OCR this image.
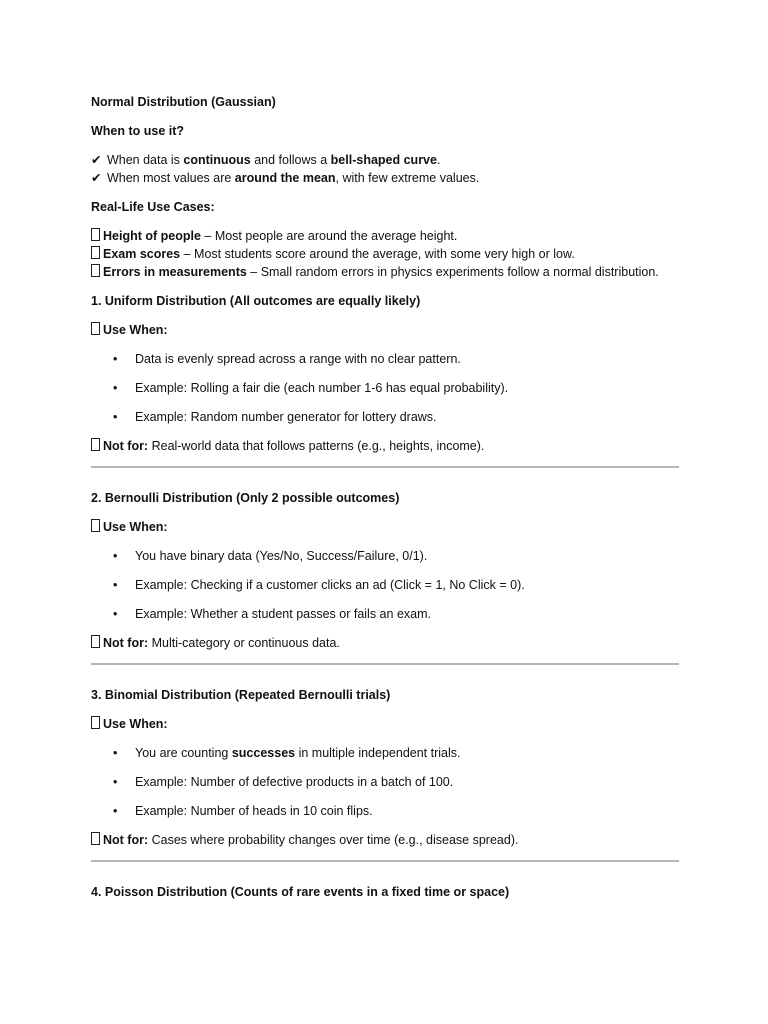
Normal Distribution (Gaussian)
When to use it?
✔ When data is continuous and follows a bell-shaped curve.
✔ When most values are around the mean, with few extreme values.
Real-Life Use Cases:
Height of people – Most people are around the average height.
Exam scores – Most students score around the average, with some very high or low.
Errors in measurements – Small random errors in physics experiments follow a normal distribution.
1. Uniform Distribution (All outcomes are equally likely)
Use When:
• Data is evenly spread across a range with no clear pattern.
• Example: Rolling a fair die (each number 1-6 has equal probability).
• Example: Random number generator for lottery draws.
Not for: Real-world data that follows patterns (e.g., heights, income).
2. Bernoulli Distribution (Only 2 possible outcomes)
Use When:
• You have binary data (Yes/No, Success/Failure, 0/1).
• Example: Checking if a customer clicks an ad (Click = 1, No Click = 0).
• Example: Whether a student passes or fails an exam.
Not for: Multi-category or continuous data.
3. Binomial Distribution (Repeated Bernoulli trials)
Use When:
• You are counting successes in multiple independent trials.
• Example: Number of defective products in a batch of 100.
• Example: Number of heads in 10 coin flips.
Not for: Cases where probability changes over time (e.g., disease spread).
4. Poisson Distribution (Counts of rare events in a fixed time or space)
